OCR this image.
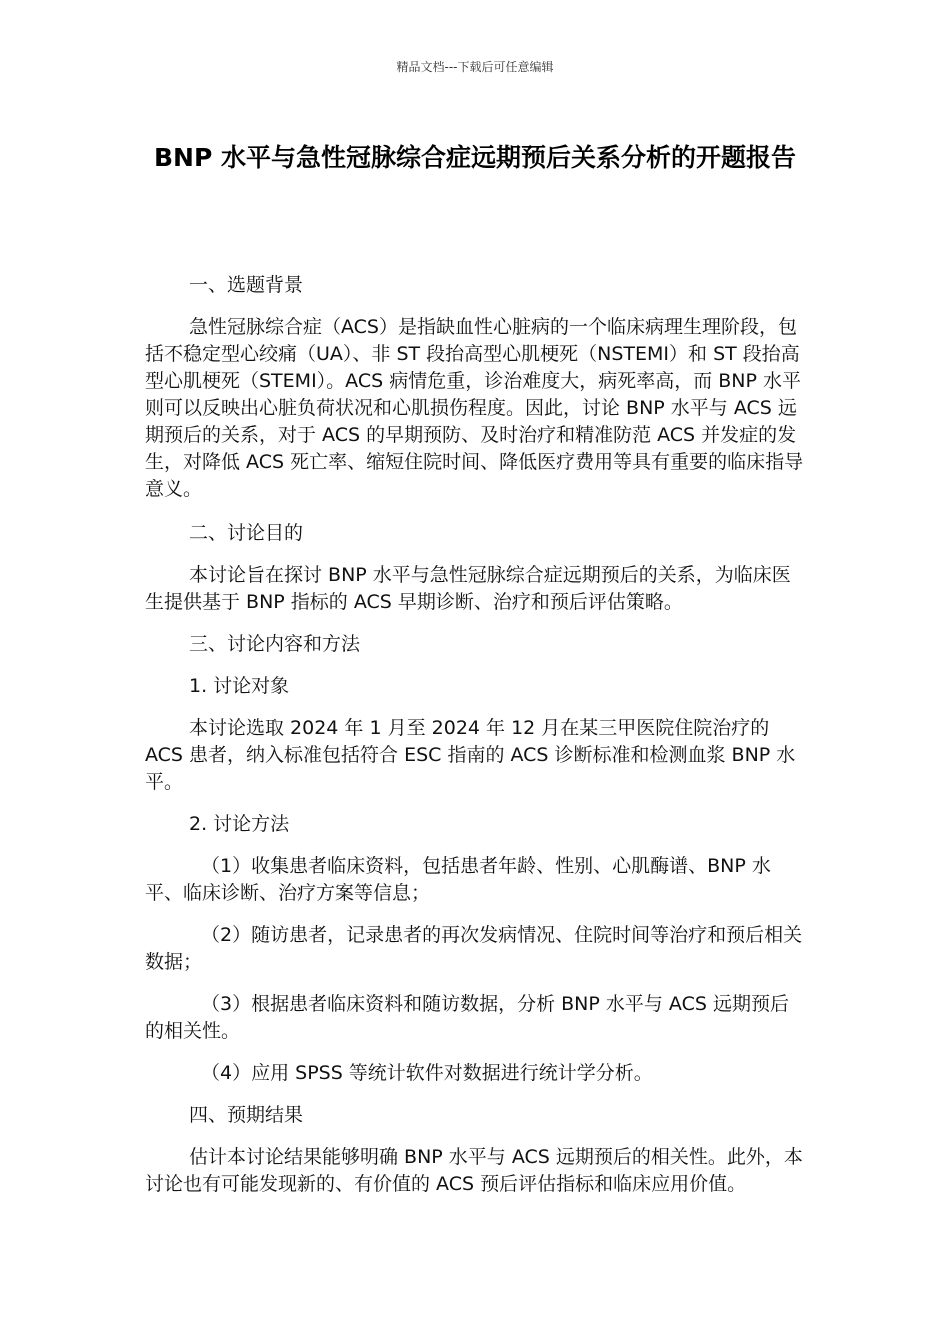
精品文档---下载后可任意编辑
BNP 水平与急性冠脉综合症远期预后关系分析的开题报告

一、选题背景

急性冠脉综合症（ACS）是指缺血性心脏病的一个临床病理生理阶段，包括不稳定型心绞痛（UA）、非 ST 段抬高型心肌梗死（NSTEMI）和 ST 段抬高型心肌梗死（STEMI）。ACS 病情危重，诊治难度大，病死率高，而 BNP 水平则可以反映出心脏负荷状况和心肌损伤程度。因此，讨论 BNP 水平与 ACS 远期预后的关系，对于 ACS 的早期预防、及时治疗和精准防范 ACS 并发症的发生，对降低 ACS 死亡率、缩短住院时间、降低医疗费用等具有重要的临床指导意义。

二、讨论目的

本讨论旨在探讨 BNP 水平与急性冠脉综合症远期预后的关系，为临床医生提供基于 BNP 指标的 ACS 早期诊断、治疗和预后评估策略。

三、讨论内容和方法

1. 讨论对象

本讨论选取 2024 年 1 月至 2024 年 12 月在某三甲医院住院治疗的 ACS 患者，纳入标准包括符合 ESC 指南的 ACS 诊断标准和检测血浆 BNP 水平。

2. 讨论方法

（1）收集患者临床资料，包括患者年龄、性别、心肌酶谱、BNP 水平、临床诊断、治疗方案等信息；

（2）随访患者，记录患者的再次发病情况、住院时间等治疗和预后相关数据；

（3）根据患者临床资料和随访数据，分析 BNP 水平与 ACS 远期预后的相关性。

（4）应用 SPSS 等统计软件对数据进行统计学分析。

四、预期结果

估计本讨论结果能够明确 BNP 水平与 ACS 远期预后的相关性。此外，本讨论也有可能发现新的、有价值的 ACS 预后评估指标和临床应用价值。
